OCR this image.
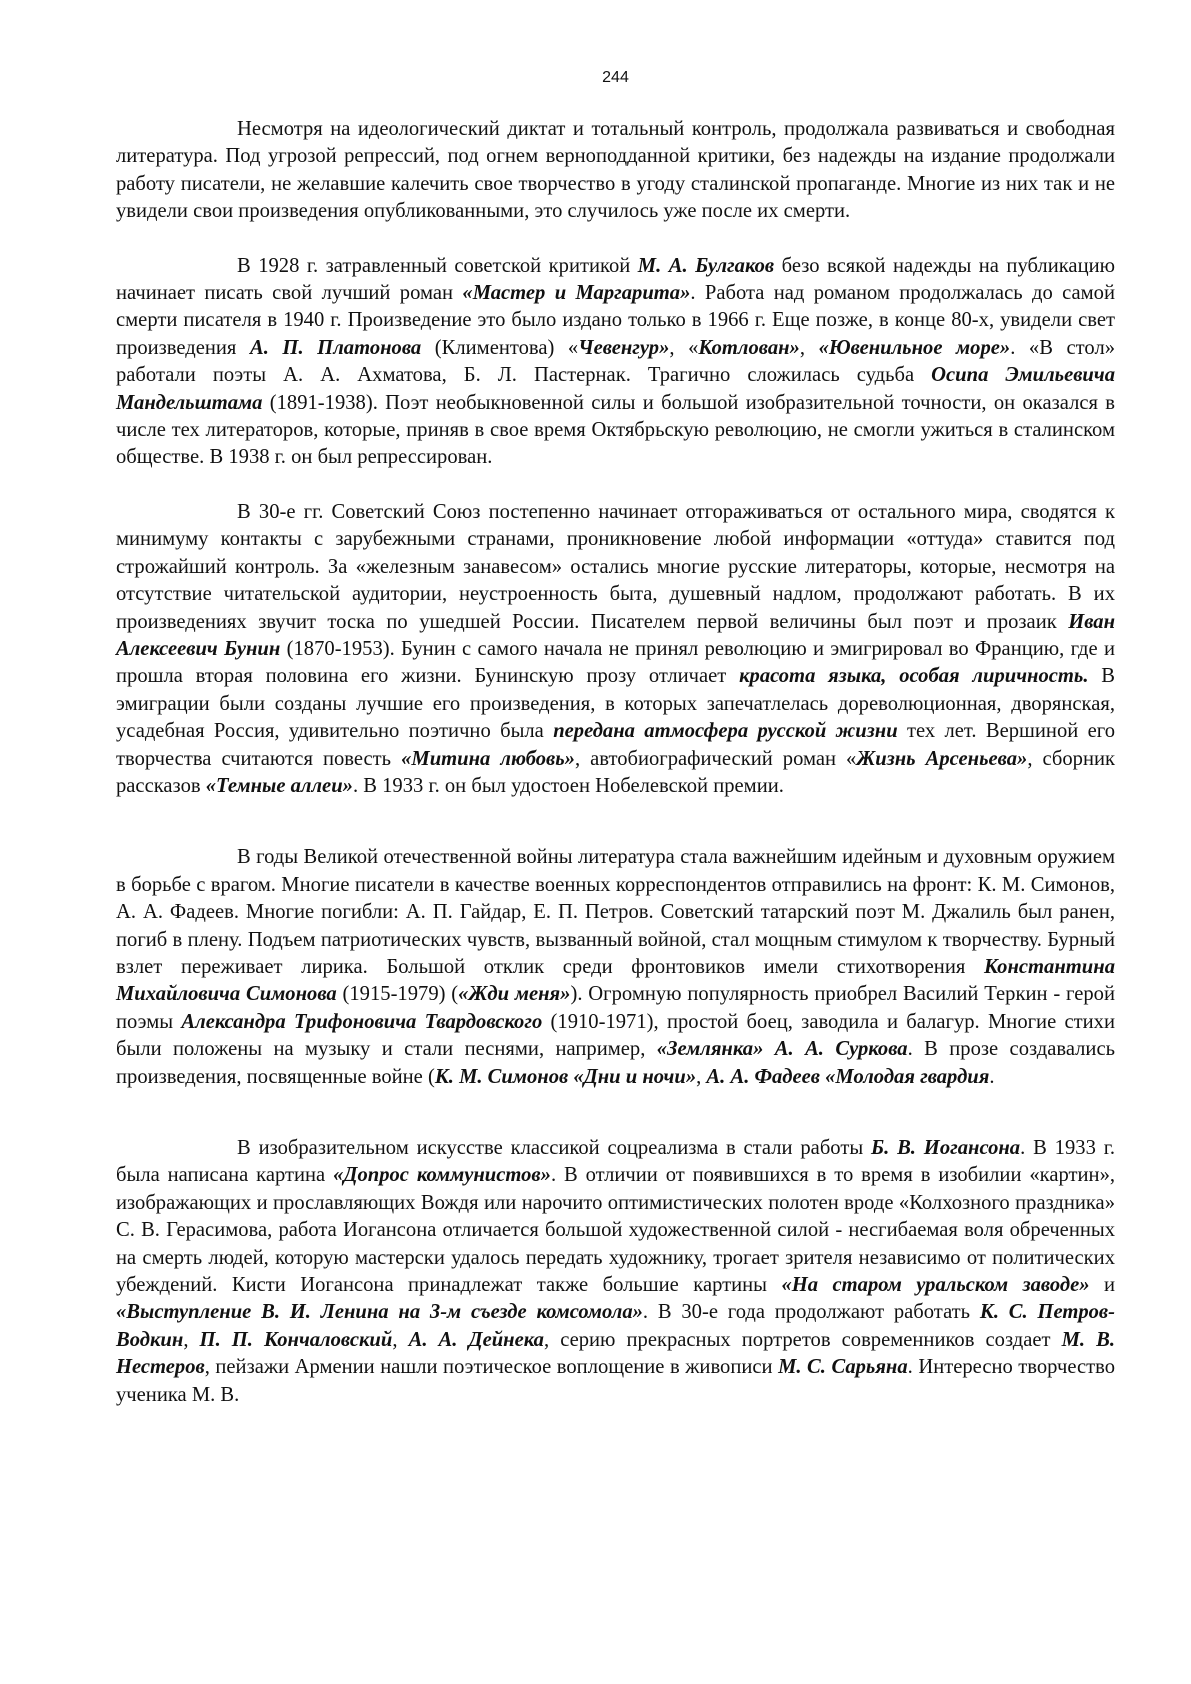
244

Несмотря на идеологический диктат и тотальный контроль, продолжала развиваться и свободная литература. Под угрозой репрессий, под огнем верноподданной критики, без надежды на издание продолжали работу писатели, не желавшие калечить свое творчество в угоду сталинской пропаганде. Многие из них так и не увидели свои произведения опубликованными, это случилось уже после их смерти.

В 1928 г. затравленный советской критикой М. А. Булгаков безо всякой надежды на публикацию начинает писать свой лучший роман «Мастер и Маргарита». Работа над романом продолжалась до самой смерти писателя в 1940 г. Произведение это было издано только в 1966 г. Еще позже, в конце 80-х, увидели свет произведения А. П. Платонова (Климентова) «Чевенгур», «Котлован», «Ювенильное море». «В стол» работали поэты А. А. Ахматова, Б. Л. Пастернак. Трагично сложилась судьба Осипа Эмильевича Мандельштама (1891-1938). Поэт необыкновенной силы и большой изобразительной точности, он оказался в числе тех литераторов, которые, приняв в свое время Октябрьскую революцию, не смогли ужиться в сталинском обществе. В 1938 г. он был репрессирован.

В 30-е гг. Советский Союз постепенно начинает отгораживаться от остального мира, сводятся к минимуму контакты с зарубежными странами, проникновение любой информации «оттуда» ставится под строжайший контроль. За «железным занавесом» остались многие русские литераторы, которые, несмотря на отсутствие читательской аудитории, неустроенность быта, душевный надлом, продолжают работать. В их произведениях звучит тоска по ушедшей России. Писателем первой величины был поэт и прозаик Иван Алексеевич Бунин (1870-1953). Бунин с самого начала не принял революцию и эмигрировал во Францию, где и прошла вторая половина его жизни. Бунинскую прозу отличает красота языка, особая лиричность. В эмиграции были созданы лучшие его произведения, в которых запечатлелась дореволюционная, дворянская, усадебная Россия, удивительно поэтично была передана атмосфера русской жизни тех лет. Вершиной его творчества считаются повесть «Митина любовь», автобиографический роман «Жизнь Арсеньева», сборник рассказов «Темные аллеи». В 1933 г. он был удостоен Нобелевской премии.

В годы Великой отечественной войны литература стала важнейшим идейным и духовным оружием в борьбе с врагом. Многие писатели в качестве военных корреспондентов отправились на фронт: К. М. Симонов, А. А. Фадеев. Многие погибли: А. П. Гайдар, Е. П. Петров. Советский татарский поэт М. Джалиль был ранен, погиб в плену. Подъем патриотических чувств, вызванный войной, стал мощным стимулом к творчеству. Бурный взлет переживает лирика. Большой отклик среди фронтовиков имели стихотворения Константина Михайловича Симонова (1915-1979) («Жди меня»). Огромную популярность приобрел Василий Теркин - герой поэмы Александра Трифоновича Твардовского (1910-1971), простой боец, заводила и балагур. Многие стихи были положены на музыку и стали песнями, например, «Землянка» А. А. Суркова. В прозе создавались произведения, посвященные войне (К. М. Симонов «Дни и ночи», А. А. Фадеев «Молодая гвардия.

В изобразительном искусстве классикой соцреализма в стали работы Б. В. Иогансона. В 1933 г. была написана картина «Допрос коммунистов». В отличии от появившихся в то время в изобилии «картин», изображающих и прославляющих Вождя или нарочито оптимистических полотен вроде «Колхозного праздника» С. В. Герасимова, работа Иогансона отличается большой художественной силой - несгибаемая воля обреченных на смерть людей, которую мастерски удалось передать художнику, трогает зрителя независимо от политических убеждений. Кисти Иогансона принадлежат также большие картины «На старом уральском заводе» и «Выступление В. И. Ленина на 3-м съезде комсомола». В 30-е года продолжают работать К. С. Петров-Водкин, П. П. Кончаловский, А. А. Дейнека, серию прекрасных портретов современников создает М. В. Нестеров, пейзажи Армении нашли поэтическое воплощение в живописи М. С. Сарьяна. Интересно творчество ученика М. В.
